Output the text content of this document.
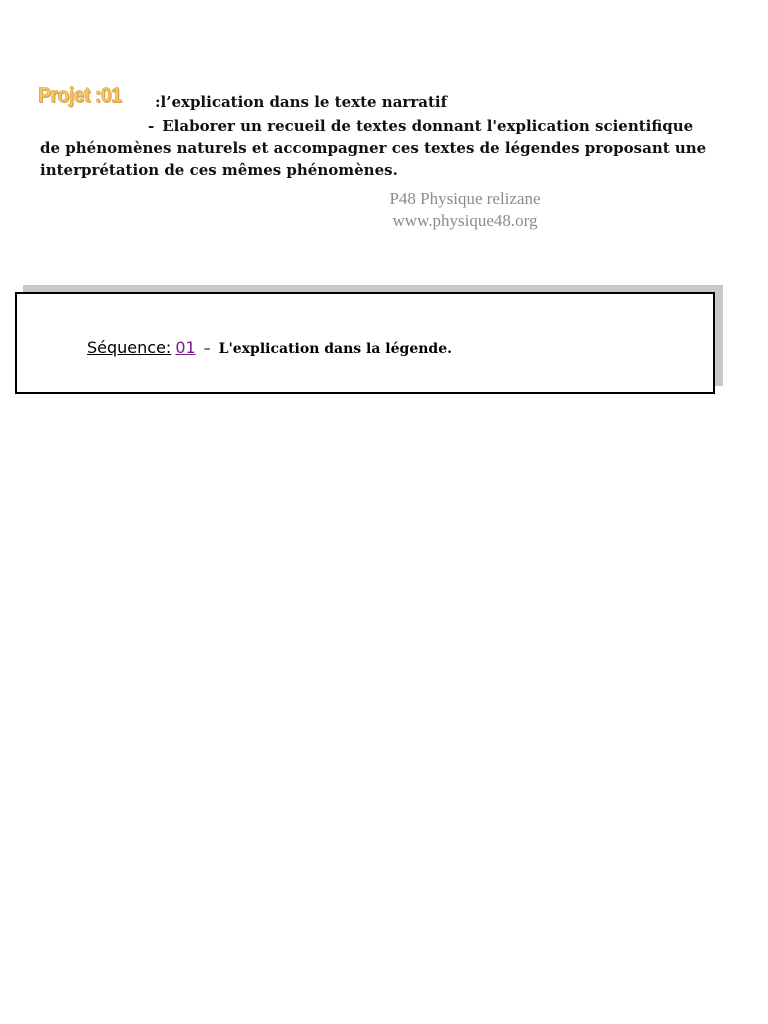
Projet :01 :l’explication dans le texte narratif
- Elaborer un recueil de textes donnant l'explication scientifique
de phénomènes naturels et accompagner ces textes de légendes proposant une interprétation de ces mêmes phénomènes.
P48 Physique relizane
www.physique48.org
Séquence: 01 – L'explication dans la légende.
